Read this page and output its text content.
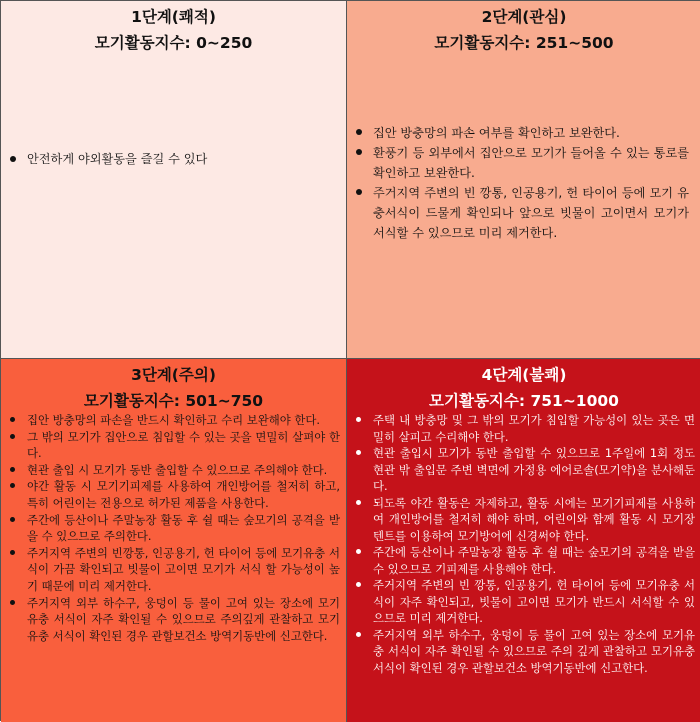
1단계(쾌적)
모기활동지수: 0~250
안전하게 야외활동을 즐길 수 있다
2단계(관심)
모기활동지수: 251~500
집안 방충망의 파손 여부를 확인하고 보완한다.
환풍기 등 외부에서 집안으로 모기가 들어올 수 있는 통로를 확인하고 보완한다.
주거지역 주변의 빈 깡통, 인공용기, 헌 타이어 등에 모기 유충서식이 드물게 확인되나 앞으로 빗물이 고이면서 모기가 서식할 수 있으므로 미리 제거한다.
3단계(주의)
모기활동지수: 501~750
집안 방충망의 파손을 반드시 확인하고 수리 보완해야 한다.
그 밖의 모기가 집안으로 침입할 수 있는 곳을 면밀히 살펴야 한다.
현관 출입 시 모기가 동반 출입할 수 있으므로 주의해야 한다.
야간 활동 시 모기기피제를 사용하여 개인방어를 철저히 하고, 특히 어린이는 전용으로 허가된 제품을 사용한다.
주간에 등산이나 주말농장 활동 후 쉴 때는 숲모기의 공격을 받을 수 있으므로 주의한다.
주거지역 주변의 빈깡통, 인공용기, 헌 타이어 등에 모기유충 서식이 가끔 확인되고 빗물이 고이면 모기가 서식 할 가능성이 높기 때문에 미리 제거한다.
주거지역 외부 하수구, 웅덩이 등 물이 고여 있는 장소에 모기 유충 서식이 자주 확인될 수 있으므로 주의깊게 관찰하고 모기유충 서식이 확인된 경우 관할보건소 방역기동반에 신고한다.
4단계(불쾌)
모기활동지수: 751~1000
주택 내 방충망 및 그 밖의 모기가 침입할 가능성이 있는 곳은 면밀히 살피고 수리해야 한다.
현관 출입시 모기가 동반 출입할 수 있으므로 1주일에 1회 정도 현관 밖 출입문 주변 벽면에 가정용 에어로솔(모기약)을 분사해둔다.
되도록 야간 활동은 자제하고, 활동 시에는 모기기피제를 사용하여 개인방어를 철저히 해야 하며, 어린이와 함께 활동 시 모기장 텐트를 이용하여 모기방어에 신경써야 한다.
주간에 등산이나 주말농장 활동 후 쉴 때는 숲모기의 공격을 받을 수 있으므로 기피제를 사용해야 한다.
주거지역 주변의 빈 깡통, 인공용기, 헌 타이어 등에 모기유충 서식이 자주 확인되고, 빗물이 고이면 모기가 반드시 서식할 수 있으므로 미리 제거한다.
주거지역 외부 하수구, 웅덩이 등 물이 고여 있는 장소에 모기유충 서식이 자주 확인될 수 있으므로 주의 깊게 관찰하고 모기유충 서식이 확인된 경우 관할보건소 방역기동반에 신고한다.
